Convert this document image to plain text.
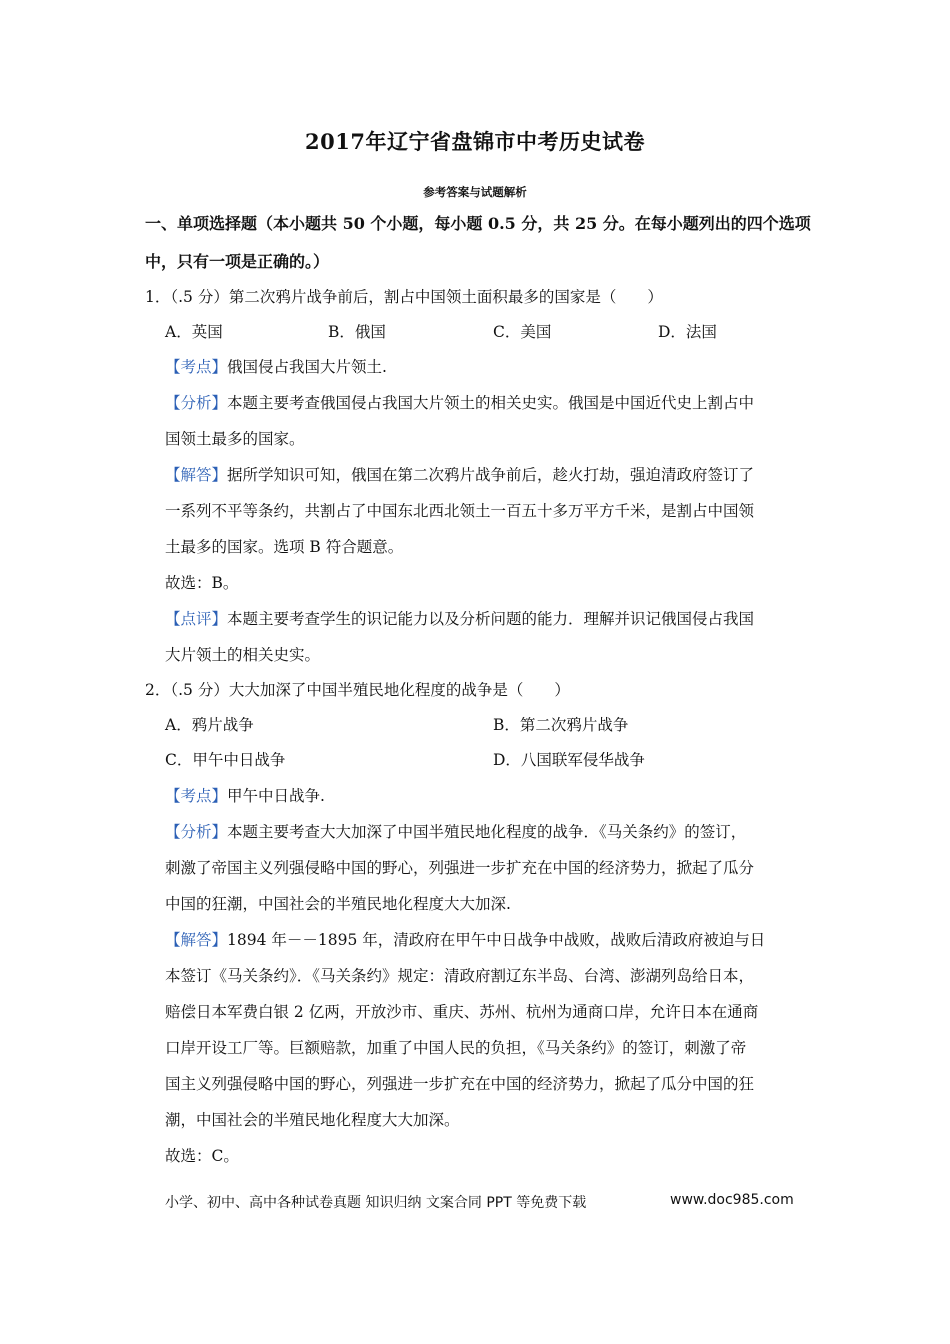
2017年辽宁省盘锦市中考历史试卷
参考答案与试题解析
一、单项选择题（本小题共 50 个小题，每小题 0.5 分，共 25 分。在每小题列出的四个选项
中，只有一项是正确的。）
1．（.5 分）第二次鸦片战争前后，割占中国领土面积最多的国家是（　　）
A．英国	B．俄国	C．美国	D．法国
【考点】俄国侵占我国大片领土.
【分析】本题主要考查俄国侵占我国大片领土的相关史实。俄国是中国近代史上割占中
国领土最多的国家。
【解答】据所学知识可知，俄国在第二次鸦片战争前后，趁火打劫，强迫清政府签订了
一系列不平等条约，共割占了中国东北西北领土一百五十多万平方千米，是割占中国领
土最多的国家。选项 B 符合题意。
故选：B。
【点评】本题主要考查学生的识记能力以及分析问题的能力．理解并识记俄国侵占我国
大片领土的相关史实。
2．（.5 分）大大加深了中国半殖民地化程度的战争是（　　）
A．鸦片战争	B．第二次鸦片战争
C．甲午中日战争	D．八国联军侵华战争
【考点】甲午中日战争.
【分析】本题主要考查大大加深了中国半殖民地化程度的战争．《马关条约》的签订，
刺激了帝国主义列强侵略中国的野心，列强进一步扩充在中国的经济势力，掀起了瓜分
中国的狂潮，中国社会的半殖民地化程度大大加深.
【解答】1894 年－－1895 年，清政府在甲午中日战争中战败，战败后清政府被迫与日
本签订《马关条约》．《马关条约》规定：清政府割辽东半岛、台湾、澎湖列岛给日本，
赔偿日本军费白银 2 亿两，开放沙市、重庆、苏州、杭州为通商口岸，允许日本在通商
口岸开设工厂等。巨额赔款，加重了中国人民的负担，《马关条约》的签订，刺激了帝
国主义列强侵略中国的野心，列强进一步扩充在中国的经济势力，掀起了瓜分中国的狂
潮，中国社会的半殖民地化程度大大加深。
故选：C。
小学、初中、高中各种试卷真题 知识归纳 文案合同 PPT 等免费下载	www.doc985.com
